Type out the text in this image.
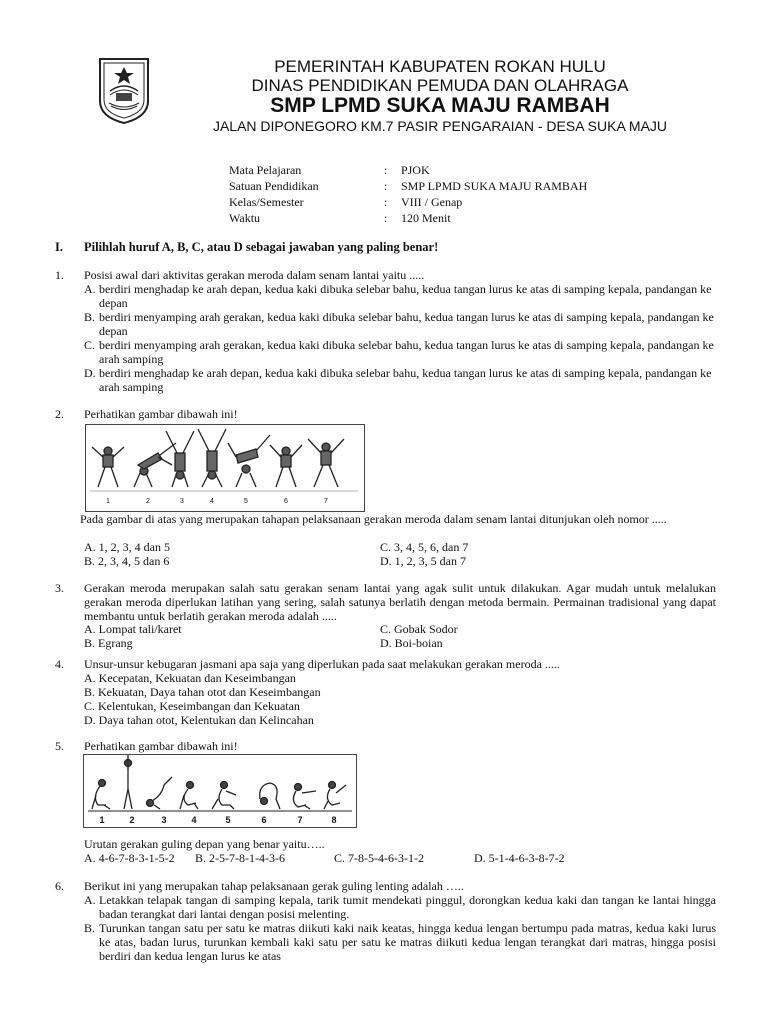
PEMERINTAH KABUPATEN ROKAN HULU
DINAS PENDIDIKAN PEMUDA DAN OLAHRAGA
SMP LPMD SUKA MAJU RAMBAH
JALAN DIPONEGORO KM.7 PASIR PENGARAIAN - DESA SUKA MAJU
Mata Pelajaran	: PJOK
Satuan Pendidikan	: SMP LPMD SUKA MAJU RAMBAH
Kelas/Semester	: VIII / Genap
Waktu	: 120 Menit
I. Pilihlah huruf A, B, C, atau D sebagai jawaban yang paling benar!
1. Posisi awal dari aktivitas gerakan meroda dalam senam lantai yaitu .....
A. berdiri menghadap ke arah depan, kedua kaki dibuka selebar bahu, kedua tangan lurus ke atas di samping kepala, pandangan ke depan
B. berdiri menyamping arah gerakan, kedua kaki dibuka selebar bahu, kedua tangan lurus ke atas di samping kepala, pandangan ke depan
C. berdiri menyamping arah gerakan, kedua kaki dibuka selebar bahu, kedua tangan lurus ke atas di samping kepala, pandangan ke arah samping
D. berdiri menghadap ke arah depan, kedua kaki dibuka selebar bahu, kedua tangan lurus ke atas di samping kepala, pandangan ke arah samping
2. Perhatikan gambar dibawah ini!
1	2	3	4	5	6	7
Pada gambar di atas yang merupakan tahapan pelaksanaan gerakan meroda dalam senam lantai ditunjukan oleh nomor .....
A. 1, 2, 3, 4 dan 5	C. 3, 4, 5, 6, dan 7
B. 2, 3, 4, 5 dan 6	D. 1, 2, 3, 5 dan 7
3. Gerakan meroda merupakan salah satu gerakan senam lantai yang agak sulit untuk dilakukan. Agar mudah untuk melalukan gerakan meroda diperlukan latihan yang sering, salah satunya berlatih dengan metoda bermain. Permainan tradisional yang dapat membantu untuk berlatih gerakan meroda adalah .....
A. Lompat tali/karet	C. Gobak Sodor
B. Egrang	D. Boi-boian
4. Unsur-unsur kebugaran jasmani apa saja yang diperlukan pada saat melakukan gerakan meroda .....
A. Kecepatan, Kekuatan dan Keseimbangan
B. Kekuatan, Daya tahan otot dan Keseimbangan
C. Kelentukan, Keseimbangan dan Kekuatan
D. Daya tahan otot, Kelentukan dan Kelincahan
5. Perhatikan gambar dibawah ini!
1	2	3	4	5	6	7	8
Urutan gerakan guling depan yang benar yaitu…..
A. 4-6-7-8-3-1-5-2 B. 2-5-7-8-1-4-3-6	C. 7-8-5-4-6-3-1-2	D. 5-1-4-6-3-8-7-2
6. Berikut ini yang merupakan tahap pelaksanaan gerak guling lenting adalah …..
A. Letakkan telapak tangan di samping kepala, tarik tumit mendekati pinggul, dorongkan kedua kaki dan tangan ke lantai hingga badan terangkat dari lantai dengan posisi melenting.
B. Turunkan tangan satu per satu ke matras diikuti kaki naik keatas, hingga kedua lengan bertumpu pada matras, kedua kaki lurus ke atas, badan lurus, turunkan kembali kaki satu per satu ke matras diikuti kedua lengan terangkat dari matras, hingga posisi berdiri dan kedua lengan lurus ke atas
